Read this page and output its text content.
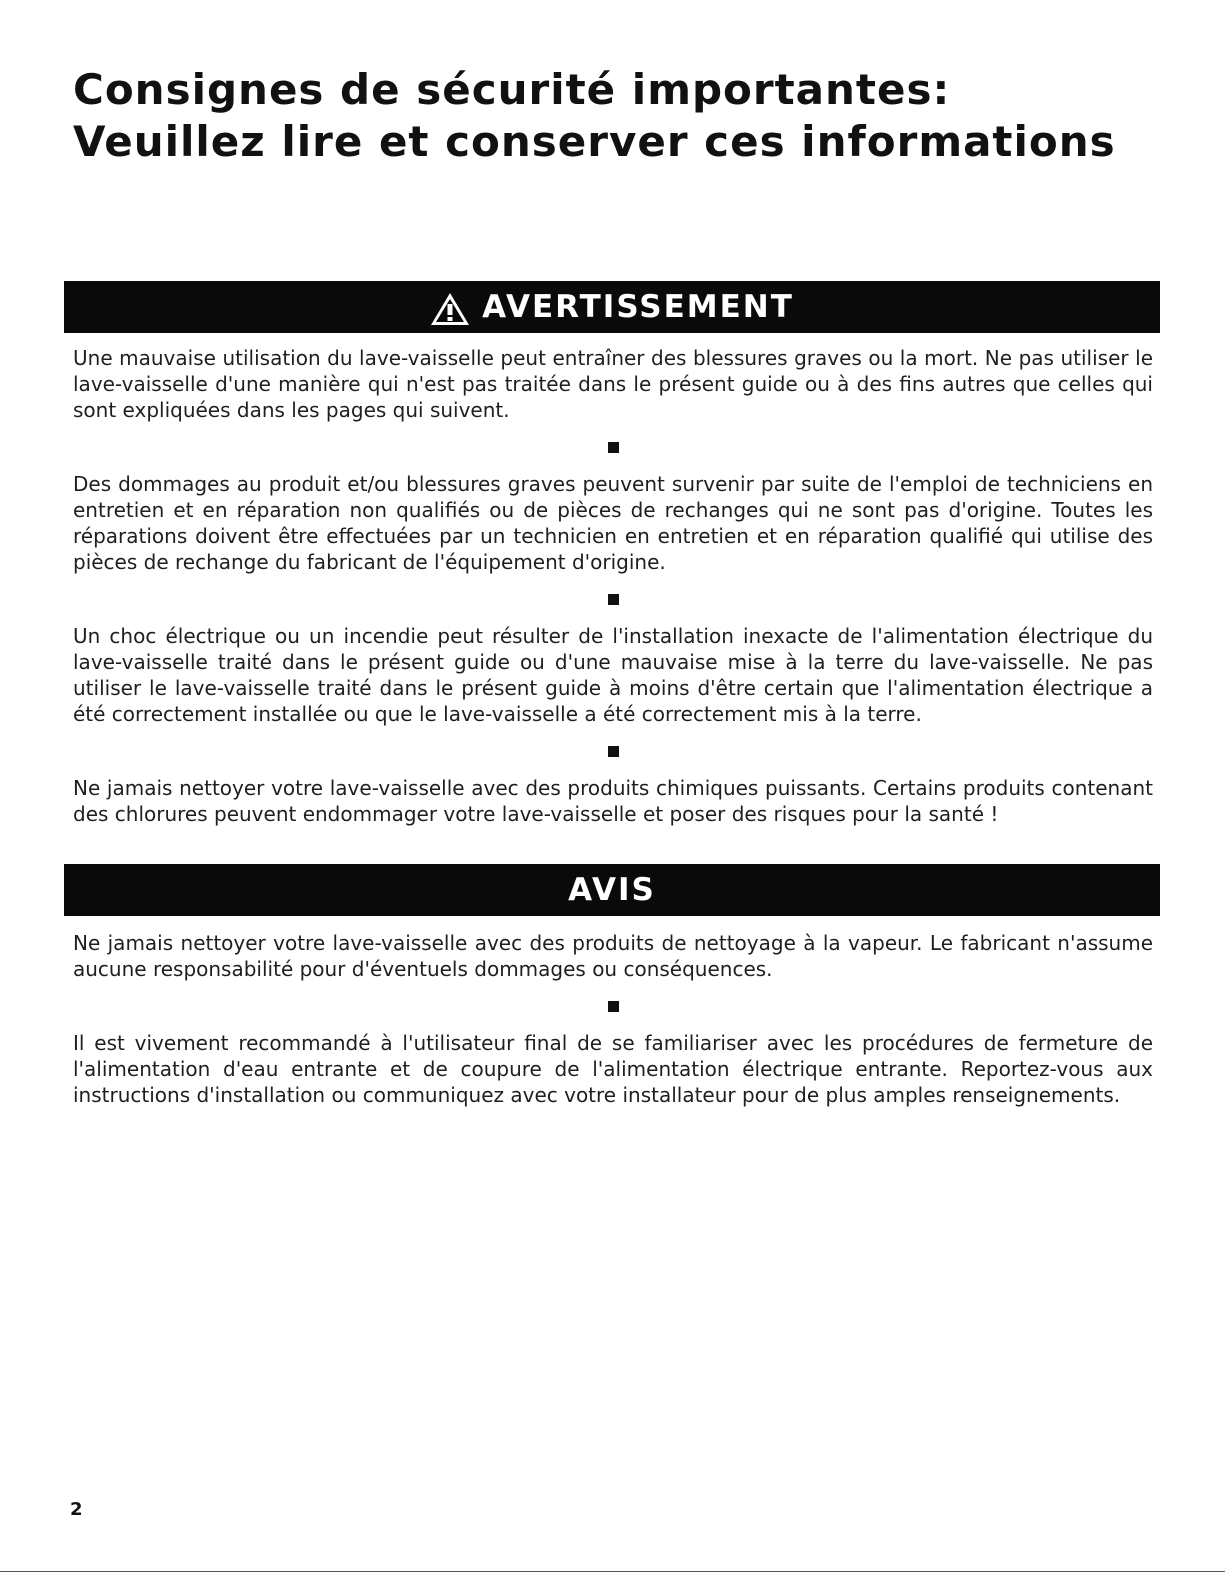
Consignes de sécurité importantes: Veuillez lire et conserver ces informations
AVERTISSEMENT

Une mauvaise utilisation du lave-vaisselle peut entraîner des blessures graves ou la mort. Ne pas utiliser le lave-vaisselle d'une manière qui n'est pas traitée dans le présent guide ou à des fins autres que celles qui sont expliquées dans les pages qui suivent.

Des dommages au produit et/ou blessures graves peuvent survenir par suite de l'emploi de techniciens en entretien et en réparation non qualifiés ou de pièces de rechanges qui ne sont pas d'origine. Toutes les réparations doivent être effectuées par un technicien en entretien et en réparation qualifié qui utilise des pièces de rechange du fabricant de l'équipement d'origine.

Un choc électrique ou un incendie peut résulter de l'installation inexacte de l'alimentation électrique du lave-vaisselle traité dans le présent guide ou d'une mauvaise mise à la terre du lave-vaisselle. Ne pas utiliser le lave-vaisselle traité dans le présent guide à moins d'être certain que l'alimentation électrique a été correctement installée ou que le lave-vaisselle a été correctement mis à la terre.

Ne jamais nettoyer votre lave-vaisselle avec des produits chimiques puissants. Certains produits contenant des chlorures peuvent endommager votre lave-vaisselle et poser des risques pour la santé !

AVIS

Ne jamais nettoyer votre lave-vaisselle avec des produits de nettoyage à la vapeur. Le fabricant n'assume aucune responsabilité pour d'éventuels dommages ou conséquences.

Il est vivement recommandé à l'utilisateur final de se familiariser avec les procédures de fermeture de l'alimentation d'eau entrante et de coupure de l'alimentation électrique entrante. Reportez-vous aux instructions d'installation ou communiquez avec votre installateur pour de plus amples renseignements.

2
